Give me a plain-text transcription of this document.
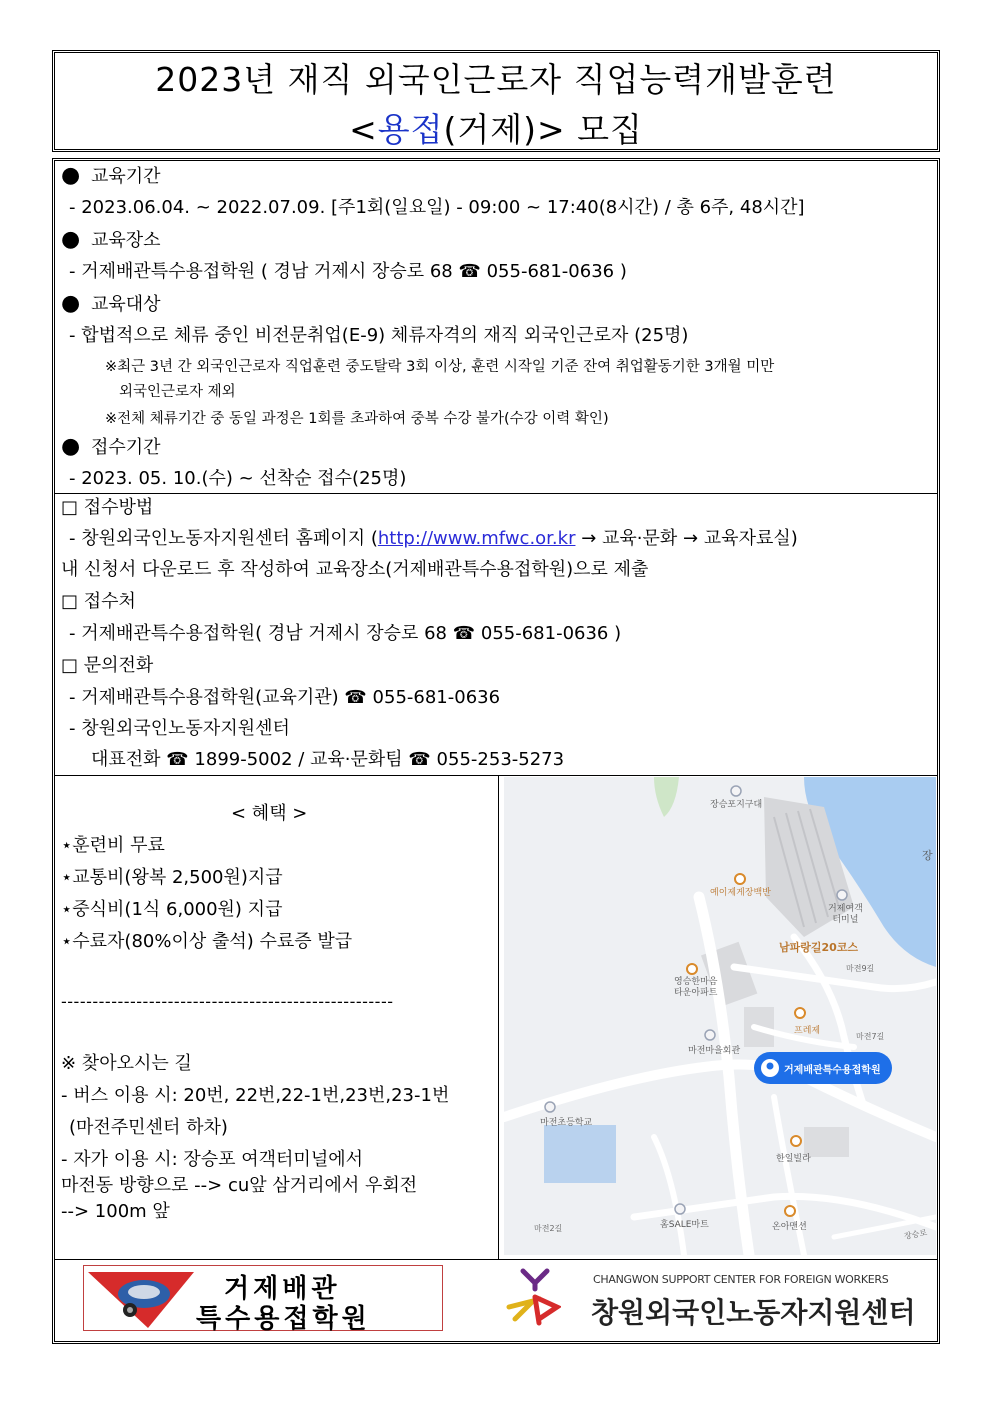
2023년 재직 외국인근로자 직업능력개발훈련
<용접(거제)> 모집
● 교육기간
- 2023.06.04. ~ 2022.07.09. [주1회(일요일) - 09:00 ~ 17:40(8시간) / 총 6주, 48시간]
● 교육장소
- 거제배관특수용접학원 ( 경남 거제시 장승로 68 ☎ 055-681-0636 )
● 교육대상
- 합법적으로 체류 중인 비전문취업(E-9) 체류자격의 재직 외국인근로자 (25명)
※최근 3년 간 외국인근로자 직업훈련 중도탈락 3회 이상, 훈련 시작일 기준 잔여 취업활동기한 3개월 미만
외국인근로자 제외
※전체 체류기간 중 동일 과정은 1회를 초과하여 중복 수강 불가(수강 이력 확인)
● 접수기간
- 2023. 05. 10.(수) ~ 선착순 접수(25명)
□ 접수방법
- 창원외국인노동자지원센터 홈페이지 (http://www.mfwc.or.kr → 교육·문화 → 교육자료실)
내 신청서 다운로드 후 작성하여 교육장소(거제배관특수용접학원)으로 제출
□ 접수처
- 거제배관특수용접학원( 경남 거제시 장승로 68 ☎ 055-681-0636 )
□ 문의전화
- 거제배관특수용접학원(교육기관) ☎ 055-681-0636
- 창원외국인노동자지원센터
대표전화 ☎ 1899-5002 / 교육·문화팀 ☎ 055-253-5273
< 혜택 >
⋆훈련비 무료
⋆교통비(왕복 2,500원)지급
⋆중식비(1식 6,000원) 지급
⋆수료자(80%이상 출석) 수료증 발급
-----------------------------------------------------
※ 찾아오시는 길
- 버스 이용 시: 20번, 22번,22-1번,23번,23-1번
(마전주민센터 하차)
- 자가 이용 시: 장승포 여객터미널에서
마전동 방향으로 --> cu앞 삼거리에서 우회전
--> 100m 앞
장승포지구대
예이제게장백반
거제여객
터미널
남파랑길20코스
마전9길
영승한마음
타운아파트
프레제
마전7길
마전마을회관
거제배관특수용접학원
마전초등학교
한일빌라
홈SALE마트	온아맨션
마전2길
장
장승로
거제배관
특수용접학원
CHANGWON SUPPORT CENTER FOR FOREIGN WORKERS
창원외국인노동자지원센터
